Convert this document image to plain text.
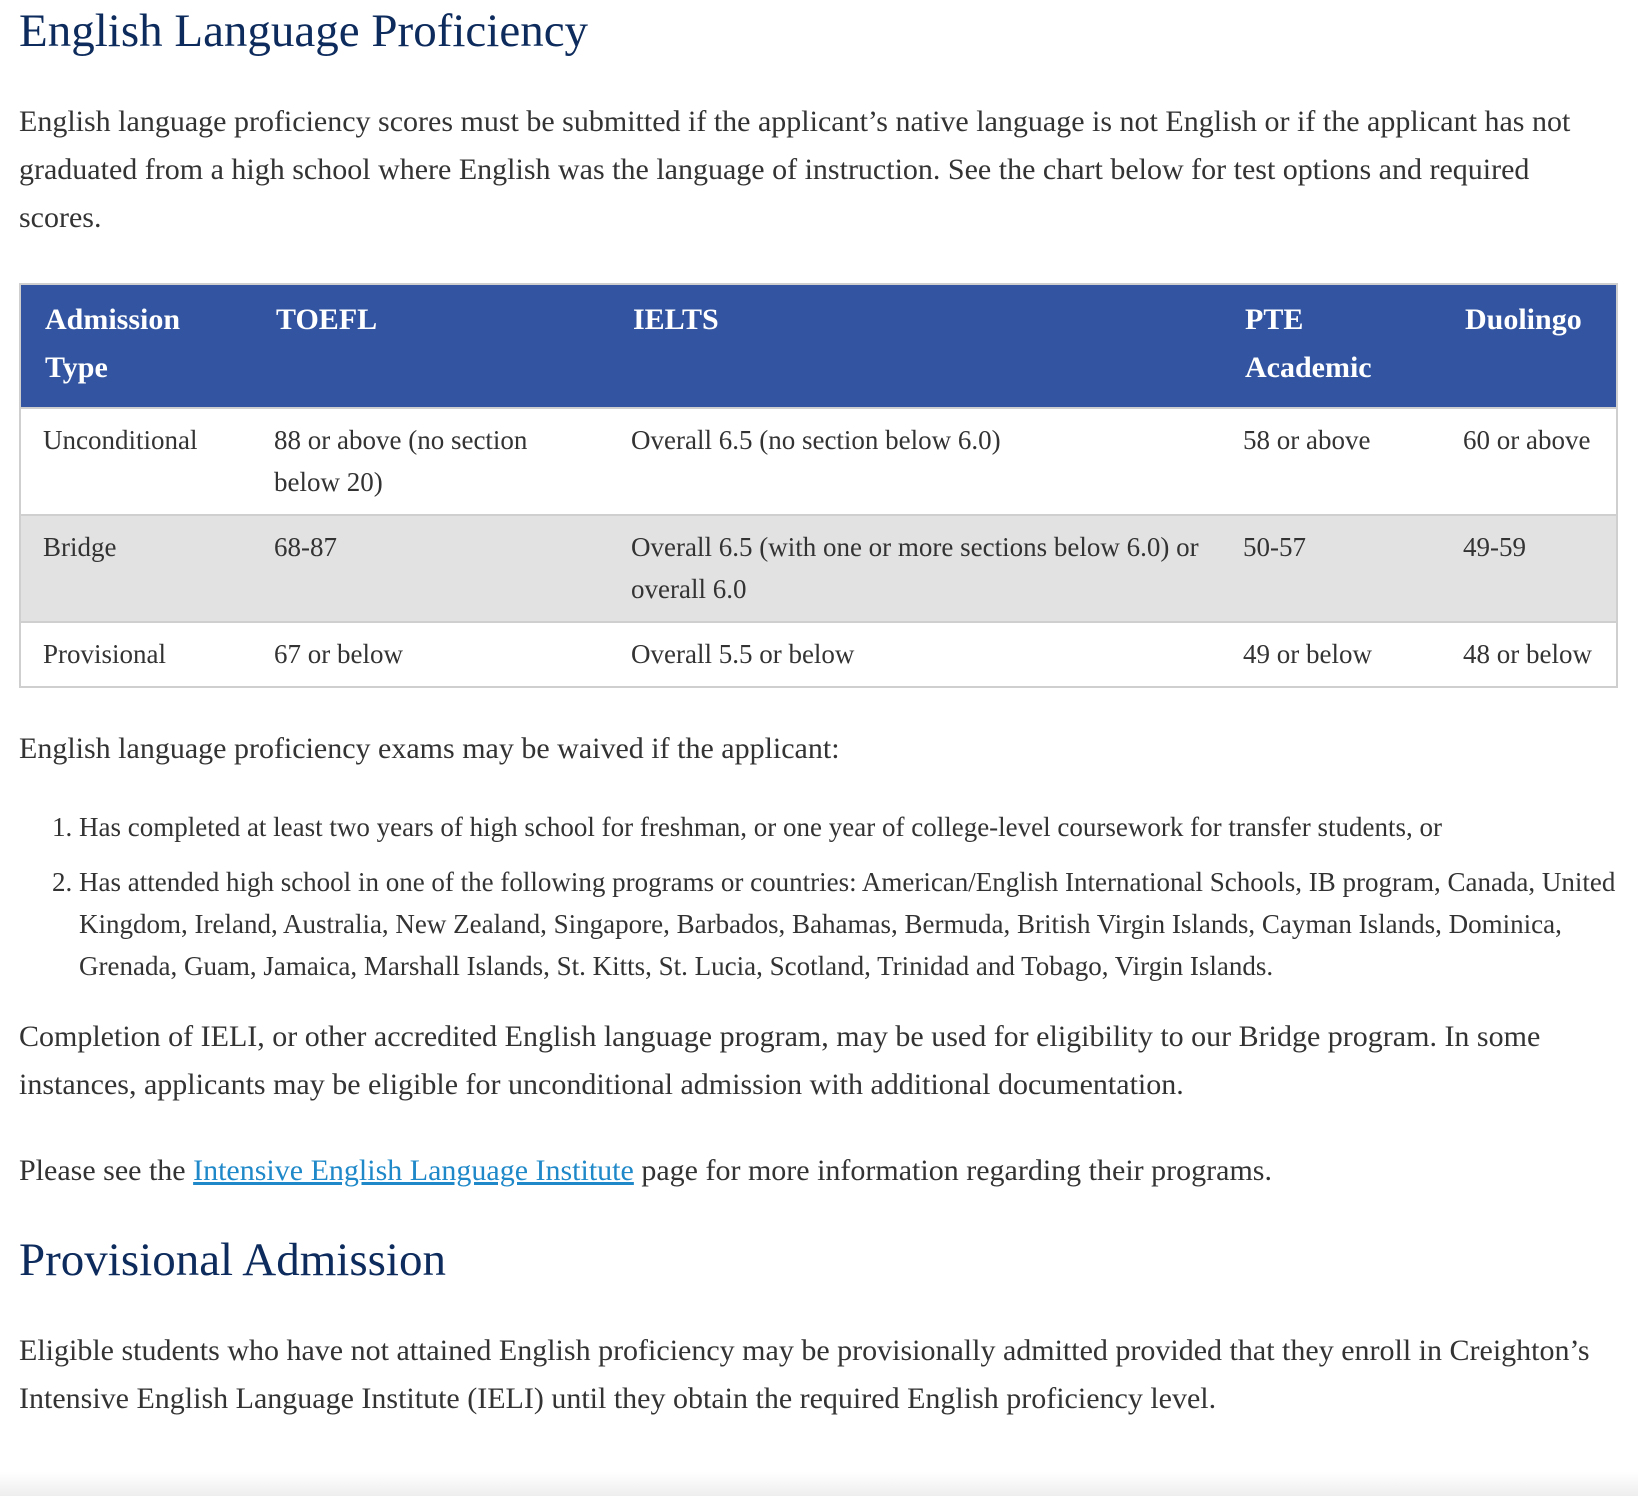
English Language Proficiency

English language proficiency scores must be submitted if the applicant’s native language is not English or if the applicant has not graduated from a high school where English was the language of instruction. See the chart below for test options and required scores.

Admission Type	TOEFL	IELTS	PTE Academic	Duolingo
Unconditional	88 or above (no section below 20)	Overall 6.5 (no section below 6.0)	58 or above	60 or above
Bridge	68-87	Overall 6.5 (with one or more sections below 6.0) or overall 6.0	50-57	49-59
Provisional	67 or below	Overall 5.5 or below	49 or below	48 or below

English language proficiency exams may be waived if the applicant:

1. Has completed at least two years of high school for freshman, or one year of college-level coursework for transfer students, or
2. Has attended high school in one of the following programs or countries: American/English International Schools, IB program, Canada, United Kingdom, Ireland, Australia, New Zealand, Singapore, Barbados, Bahamas, Bermuda, British Virgin Islands, Cayman Islands, Dominica, Grenada, Guam, Jamaica, Marshall Islands, St. Kitts, St. Lucia, Scotland, Trinidad and Tobago, Virgin Islands.

Completion of IELI, or other accredited English language program, may be used for eligibility to our Bridge program. In some instances, applicants may be eligible for unconditional admission with additional documentation.

Please see the Intensive English Language Institute page for more information regarding their programs.

Provisional Admission

Eligible students who have not attained English proficiency may be provisionally admitted provided that they enroll in Creighton’s Intensive English Language Institute (IELI) until they obtain the required English proficiency level.
